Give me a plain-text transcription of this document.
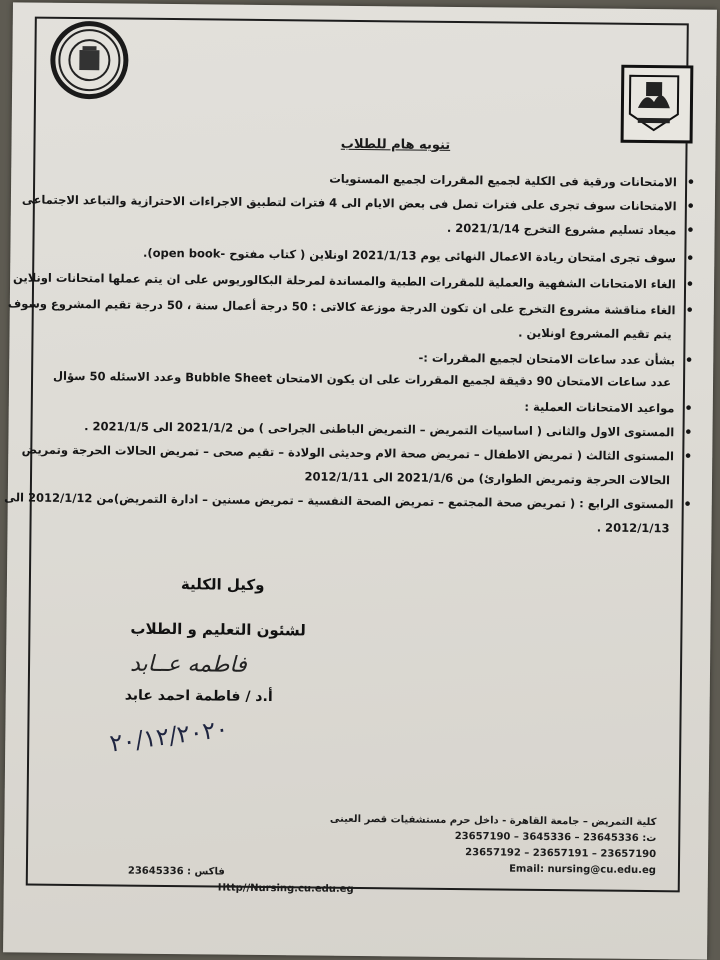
تنويه هام للطلاب
• الامتحانات ورقية فى الكلية لجميع المقررات لجميع المستويات
• الامتحانات سوف تجرى على فترات تصل فى بعض الايام الى 4 فترات لتطبيق الاجراءات الاحترازية والتباعد الاجتماعى
• ميعاد تسليم مشروع التخرج 2021/1/14 .
• سوف تجرى امتحان ريادة الاعمال النهائى يوم 2021/1/13 اونلاين ( كتاب مفتوح -open book).
• الغاء الامتحانات الشفهية والعملية للمقررات الطبية والمساندة لمرحلة البكالوريوس على ان يتم عملها امتحانات اونلاين
• الغاء مناقشة مشروع التخرج على ان تكون الدرجة موزعة كالاتى : 50 درجة أعمال سنة ، 50 درجة تقيم المشروع وسوف
يتم تقيم المشروع اونلاين .
• بشأن عدد ساعات الامتحان لجميع المقررات :-
عدد ساعات الامتحان 90 دقيقة لجميع المقررات على ان يكون الامتحان Bubble Sheet وعدد الاسئله 50 سؤال
• مواعيد الامتحانات العملية :
• المستوى الاول والثانى ( اساسيات التمريض – التمريض الباطنى الجراحى ) من 2021/1/2 الى 2021/1/5 .
• المستوى الثالث ( تمريض الاطفال – تمريض صحة الام وحديثى الولادة – تقيم صحى – تمريض الحالات الحرجة وتمريض
الحالات الحرجة وتمريض الطوارئ) من 2021/1/6 الى 2012/1/11
• المستوى الرابع : ( تمريض صحة المجتمع – تمريض الصحة النفسية – تمريض مسنين – ادارة التمريض)من 2012/1/12 الى
2012/1/13 .
وكيل الكلية
لشئون التعليم و الطلاب
فاطمه عــابد
أ.د / فاطمة احمد عابد
٢٠/١٢/٢٠٢٠
كلية التمريض – جامعة القاهرة - داخل حرم مستشفيات قصر العينى
ت: 23645336 – 3645336 – 23657190
23657192 – 23657191 – 23657190
Email: nursing@cu.edu.eg
فاكس : 23645336
Http//Nursing.cu.edu.eg
